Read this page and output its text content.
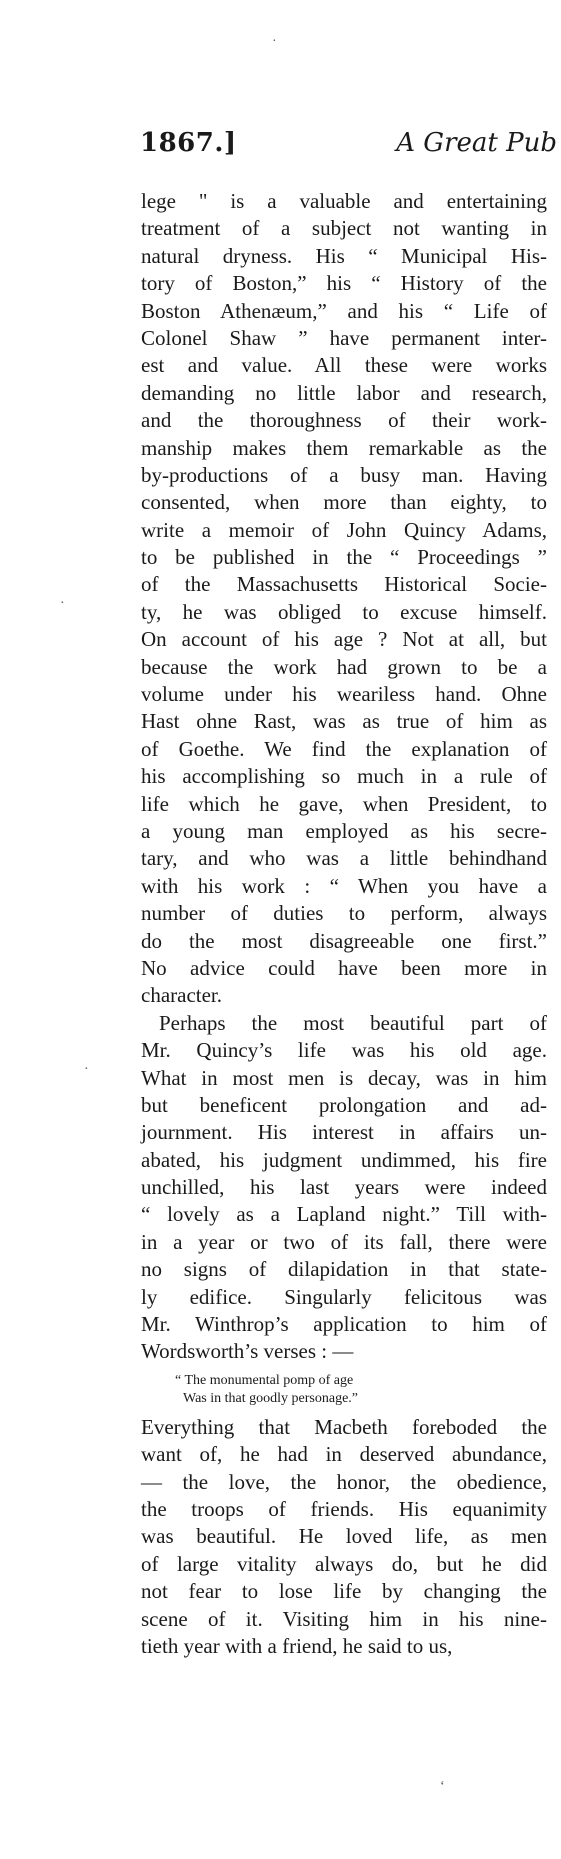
1867.]	A Great Pub
lege " is a valuable and entertaining
treatment of a subject not wanting in
natural dryness. His “ Municipal His-
tory of Boston,” his “ History of the
Boston Athenæum,” and his “ Life of
Colonel Shaw ” have permanent inter-
est and value. All these were works
demanding no little labor and research,
and the thoroughness of their work-
manship makes them remarkable as the
by-productions of a busy man. Having
consented, when more than eighty, to
write a memoir of John Quincy Adams,
to be published in the “ Proceedings ”
of the Massachusetts Historical Socie-
ty, he was obliged to excuse himself.
On account of his age ? Not at all, but
because the work had grown to be a
volume under his weariless hand. Ohne
Hast ohne Rast, was as true of him as
of Goethe. We find the explanation of
his accomplishing so much in a rule of
life which he gave, when President, to
a young man employed as his secre-
tary, and who was a little behindhand
with his work : “ When you have a
number of duties to perform, always
do the most disagreeable one first.”
No advice could have been more in
character.
Perhaps the most beautiful part of
Mr. Quincy’s life was his old age.
What in most men is decay, was in him
but beneficent prolongation and ad-
journment. His interest in affairs un-
abated, his judgment undimmed, his fire
unchilled, his last years were indeed
“ lovely as a Lapland night.” Till with-
in a year or two of its fall, there were
no signs of dilapidation in that state-
ly edifice. Singularly felicitous was
Mr. Winthrop’s application to him of
Wordsworth’s verses : —
“ The monumental pomp of age
Was in that goodly personage.”
Everything that Macbeth foreboded the
want of, he had in deserved abundance,
— the love, the honor, the obedience,
the troops of friends. His equanimity
was beautiful. He loved life, as men
of large vitality always do, but he did
not fear to lose life by changing the
scene of it. Visiting him in his nine-
tieth year with a friend, he said to us,
·
·
·
‘
